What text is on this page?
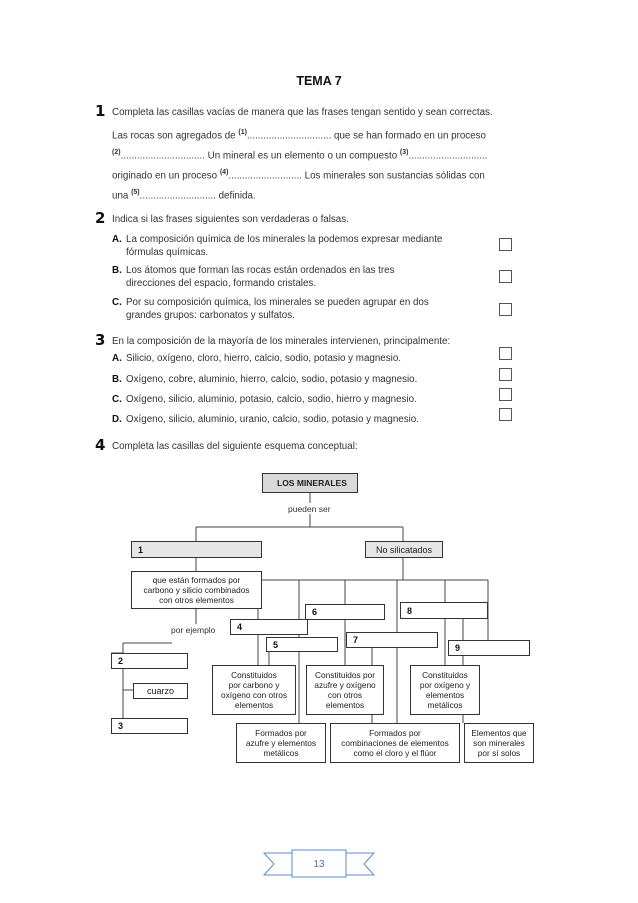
TEMA 7
1 Completa las casillas vacías de manera que las frases tengan sentido y sean correctas.
Las rocas son agregados de $^{(1)}$............................... que se han formado en un proceso
$^{(2)}$............................... Un mineral es un elemento o un compuesto $^{(3)}$.............................
originado en un proceso $^{(4)}$........................... Los minerales son sustancias sólidas con
una $^{(5)}$............................ definida.
2 Indica si las frases siguientes son verdaderas o falsas.
A. La composición química de los minerales la podemos expresar mediante
fórmulas químicas.
B. Los átomos que forman las rocas están ordenados en las tres
direcciones del espacio, formando cristales.
C. Por su composición química, los minerales se pueden agrupar en dos
grandes grupos: carbonatos y sulfatos.
3 En la composición de la mayoría de los minerales intervienen, principalmente:
A. Silicio, oxígeno, cloro, hierro, calcio, sodio, potasio y magnesio.
B. Oxígeno, cobre, aluminio, hierro, calcio, sodio, potasio y magnesio.
C. Oxígeno, silicio, aluminio, potasio, calcio, sodio, hierro y magnesio.
D. Oxígeno, silicio, aluminio, uranio, calcio, sodio, potasio y magnesio.
4 Completa las casillas del siguiente esquema conceptual:
LOS MINERALES
pueden ser
1	No silicatados
que están formados por
carbono y silicio combinados
con otros elementos
por ejemplo
2
cuarzo
3
4
5
6
7
8
9
Constituidos
por carbono y
oxígeno con otros
elementos
Constituidos por
azufre y oxígeno
con otros
elementos
Constituidos
por oxígeno y
elementos
metálicos
Formados por
azufre y elementos
metálicos
Formados por
combinaciones de elementos
como el cloro y el flúor
Elementos que
son minerales
por sí solos
13
